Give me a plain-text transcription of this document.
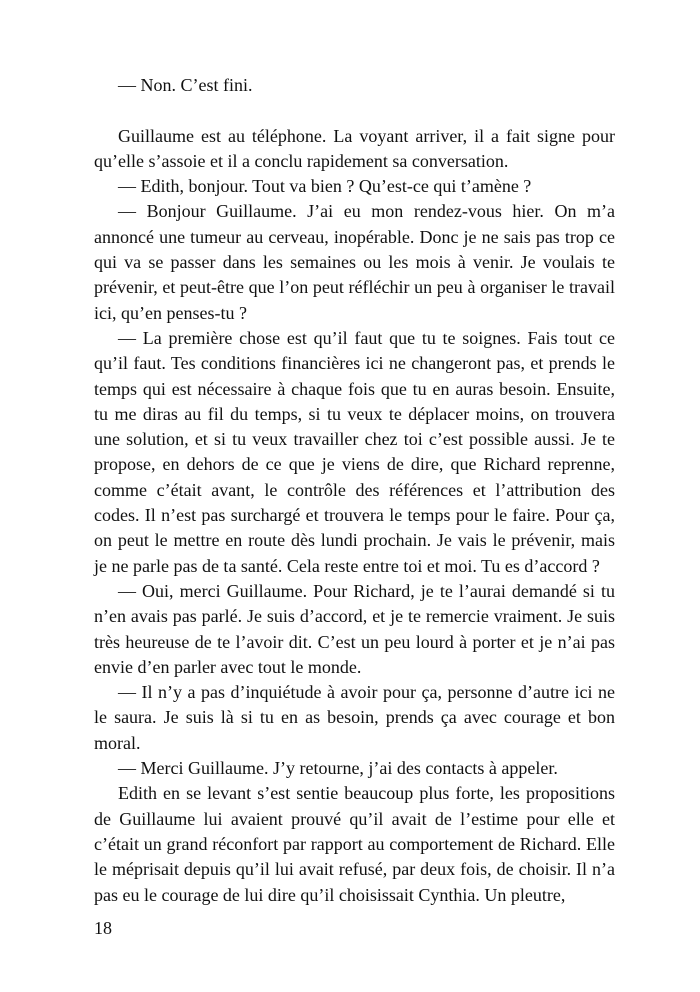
— Non. C’est fini.

Guillaume est au téléphone. La voyant arriver, il a fait signe pour qu’elle s’assoie et il a conclu rapidement sa conversation.

— Edith, bonjour. Tout va bien ? Qu’est-ce qui t’amène ?

— Bonjour Guillaume. J’ai eu mon rendez-vous hier. On m’a annoncé une tumeur au cerveau, inopérable. Donc je ne sais pas trop ce qui va se passer dans les semaines ou les mois à venir. Je voulais te prévenir, et peut-être que l’on peut réfléchir un peu à organiser le travail ici, qu’en penses-tu ?

— La première chose est qu’il faut que tu te soignes. Fais tout ce qu’il faut. Tes conditions financières ici ne changeront pas, et prends le temps qui est nécessaire à chaque fois que tu en auras besoin. Ensuite, tu me diras au fil du temps, si tu veux te déplacer moins, on trouvera une solution, et si tu veux travailler chez toi c’est possible aussi. Je te propose, en dehors de ce que je viens de dire, que Richard reprenne, comme c’était avant, le contrôle des références et l’attribution des codes. Il n’est pas surchargé et trouvera le temps pour le faire. Pour ça, on peut le mettre en route dès lundi prochain. Je vais le prévenir, mais je ne parle pas de ta santé. Cela reste entre toi et moi. Tu es d’accord ?

— Oui, merci Guillaume. Pour Richard, je te l’aurai demandé si tu n’en avais pas parlé. Je suis d’accord, et je te remercie vraiment. Je suis très heureuse de te l’avoir dit. C’est un peu lourd à porter et je n’ai pas envie d’en parler avec tout le monde.

— Il n’y a pas d’inquiétude à avoir pour ça, personne d’autre ici ne le saura. Je suis là si tu en as besoin, prends ça avec courage et bon moral.

— Merci Guillaume. J’y retourne, j’ai des contacts à appeler.

Edith en se levant s’est sentie beaucoup plus forte, les propositions de Guillaume lui avaient prouvé qu’il avait de l’estime pour elle et c’était un grand réconfort par rapport au comportement de Richard. Elle le méprisait depuis qu’il lui avait refusé, par deux fois, de choisir. Il n’a pas eu le courage de lui dire qu’il choisissait Cynthia. Un pleutre,

18
